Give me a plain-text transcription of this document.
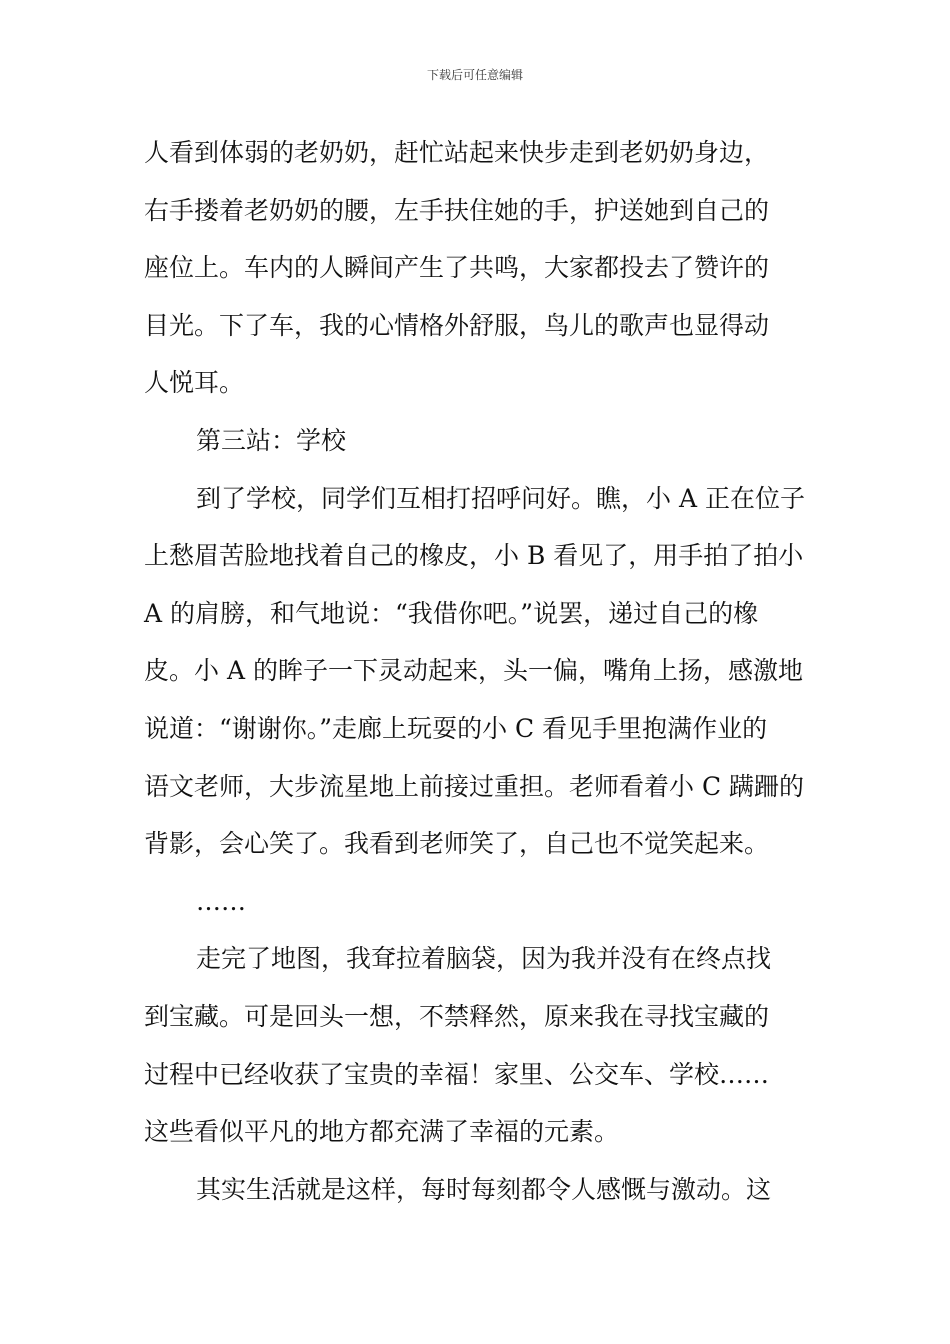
下载后可任意编辑
人看到体弱的老奶奶，赶忙站起来快步走到老奶奶身边，
右手搂着老奶奶的腰，左手扶住她的手，护送她到自己的
座位上。车内的人瞬间产生了共鸣，大家都投去了赞许的
目光。下了车，我的心情格外舒服，鸟儿的歌声也显得动
人悦耳。
第三站：学校
到了学校，同学们互相打招呼问好。瞧，小 A 正在位子
上愁眉苦脸地找着自己的橡皮，小 B 看见了，用手拍了拍小
A 的肩膀，和气地说：“我借你吧。”说罢，递过自己的橡
皮。小 A 的眸子一下灵动起来，头一偏，嘴角上扬，感激地
说道：“谢谢你。”走廊上玩耍的小 C 看见手里抱满作业的
语文老师，大步流星地上前接过重担。老师看着小 C 蹒跚的
背影，会心笑了。我看到老师笑了，自己也不觉笑起来。
……
走完了地图，我耷拉着脑袋，因为我并没有在终点找
到宝藏。可是回头一想，不禁释然，原来我在寻找宝藏的
过程中已经收获了宝贵的幸福！家里、公交车、学校……
这些看似平凡的地方都充满了幸福的元素。
其实生活就是这样，每时每刻都令人感慨与激动。这
